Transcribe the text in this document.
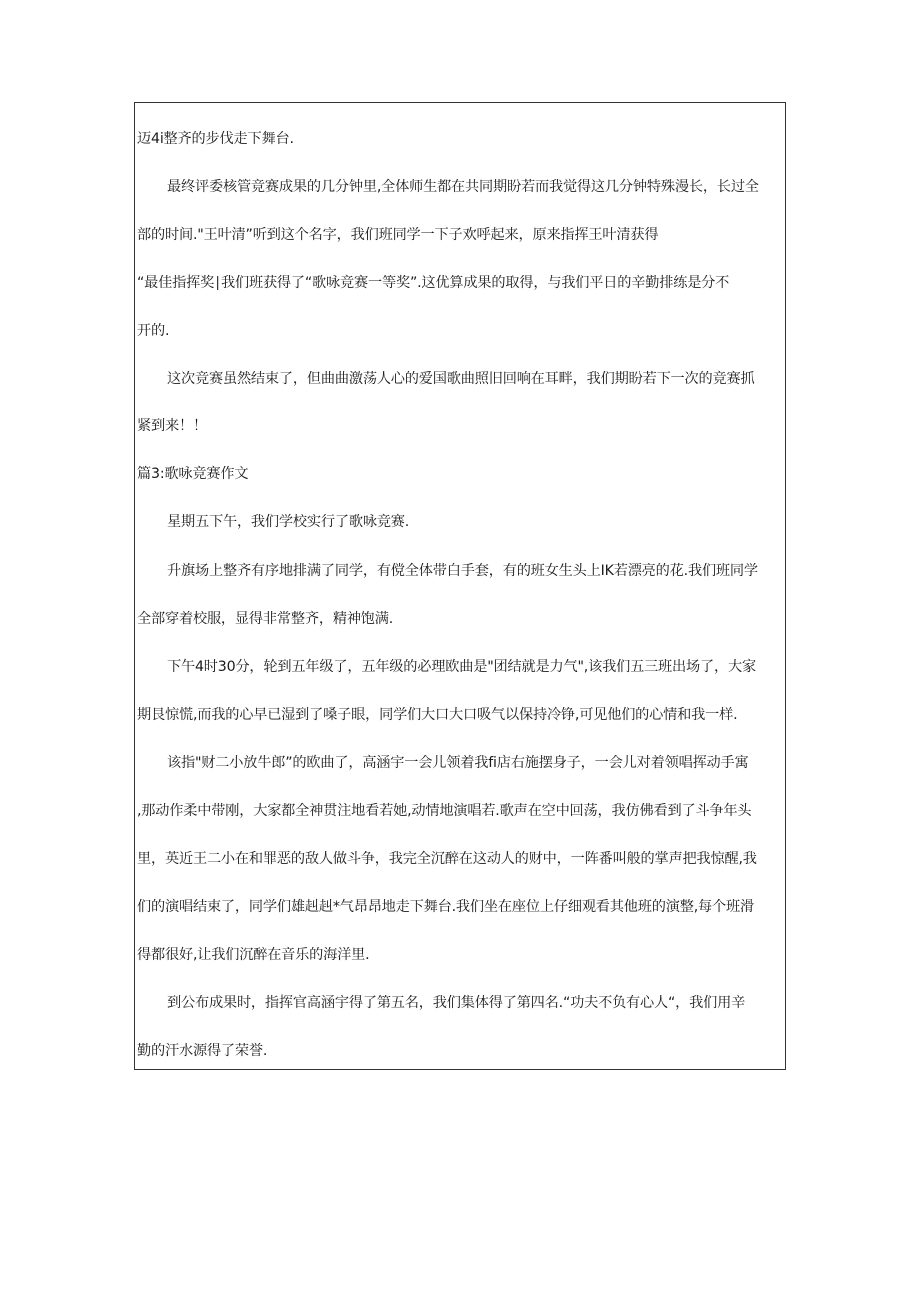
迈4i整齐的步伐走下舞台.
最终评委核管竞赛成果的几分钟里,全体师生都在共同期盼若而我觉得这几分钟特殊漫长，长过全
部的时间."王叶清”听到这个名字，我们班同学一下子欢呼起来，原来指挥王叶清获得
“最佳指挥奖∣我们班获得了“歌咏竞赛一等奖”.这优算成果的取得，与我们平日的辛勤排练是分不
开的.
这次竞赛虽然结束了，但曲曲激荡人心的爱国歌曲照旧回响在耳畔，我们期盼若下一次的竞赛抓
紧到来！！
篇3:歌咏竞赛作文
星期五下午，我们学校实行了歌咏竞赛.
升旗场上整齐有序地排满了同学，有傥全体带白手套，有的班女生头上IK若漂亮的花.我们班同学
全部穿着校服，显得非常整齐，精神饱满.
下午4时30分，轮到五年级了，五年级的必理欧曲是"团结就是力气",该我们五三班出场了，大家
期艮惊慌,而我的心早已湿到了嗓子眼，同学们大口大口吸气以保持冷铮,可见他们的心情和我一样.
该指"财二小放牛郎”的欧曲了，高涵宇一会儿领着我fi店右施摆身子，一会儿对着领唱挥动手寓
,那动作柔中带刚，大家都全神贯注地看若她,动情地演唱若.歌声在空中回荡，我仿佛看到了斗争年头
里，英近王二小在和罪恶的敌人做斗争，我完全沉醉在这动人的财中，一阵番叫般的掌声把我惊醒,我
们的演唱结束了，同学们雄赳赳*气昂昂地走下舞台.我们坐在座位上仔细观看其他班的演整,每个班滑
得都很好,让我们沉醉在音乐的海洋里.
到公布成果时，指挥官高涵宇得了第五名，我们集体得了第四名.“功夫不负有心人“，我们用辛
勤的汗水源得了荣誉.
